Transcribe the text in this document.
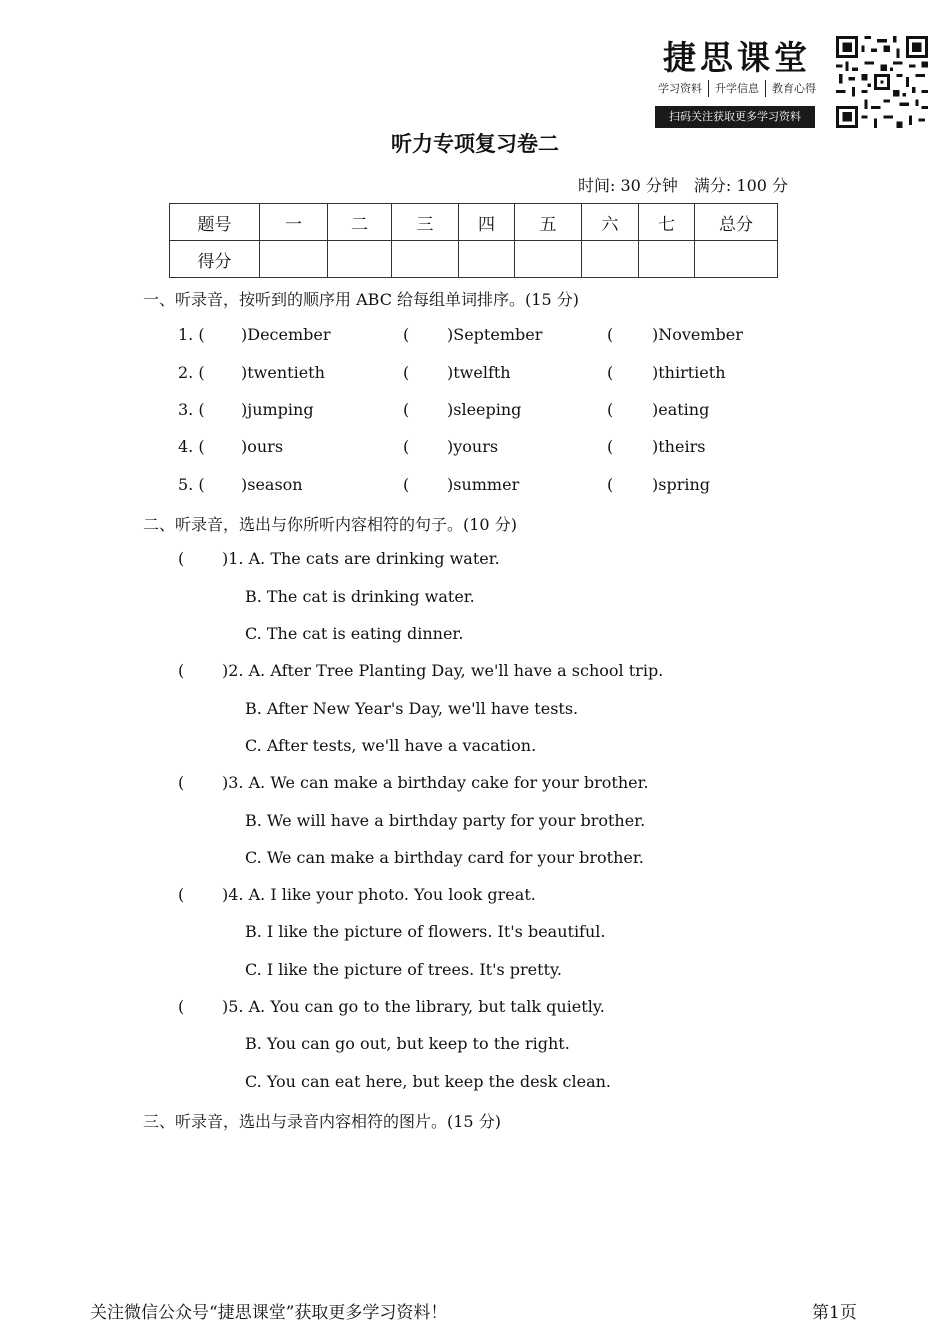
捷思课堂
学习资料	升学信息	教育心得
扫码关注获取更多学习资料
听力专项复习卷二
时间: 30 分钟　满分: 100 分
题号	一	二	三	四	五	六	七	总分
得分								
一、听录音，按听到的顺序用 ABC 给每组单词排序。(15 分)
1. ( )December	( )September	( )November
2. ( )twentieth	( )twelfth	( )thirtieth
3. ( )jumping	( )sleeping	( )eating
4. ( )ours	( )yours	( )theirs
5. ( )season	( )summer	( )spring
二、听录音，选出与你所听内容相符的句子。(10 分)
( )1. A. The cats are drinking water.
B. The cat is drinking water.
C. The cat is eating dinner.
( )2. A. After Tree Planting Day, we'll have a school trip.
B. After New Year's Day, we'll have tests.
C. After tests, we'll have a vacation.
( )3. A. We can make a birthday cake for your brother.
B. We will have a birthday party for your brother.
C. We can make a birthday card for your brother.
( )4. A. I like your photo. You look great.
B. I like the picture of flowers. It's beautiful.
C. I like the picture of trees. It's pretty.
( )5. A. You can go to the library, but talk quietly.
B. You can go out, but keep to the right.
C. You can eat here, but keep the desk clean.
三、听录音，选出与录音内容相符的图片。(15 分)
关注微信公众号“捷思课堂”获取更多学习资料！	第1页
